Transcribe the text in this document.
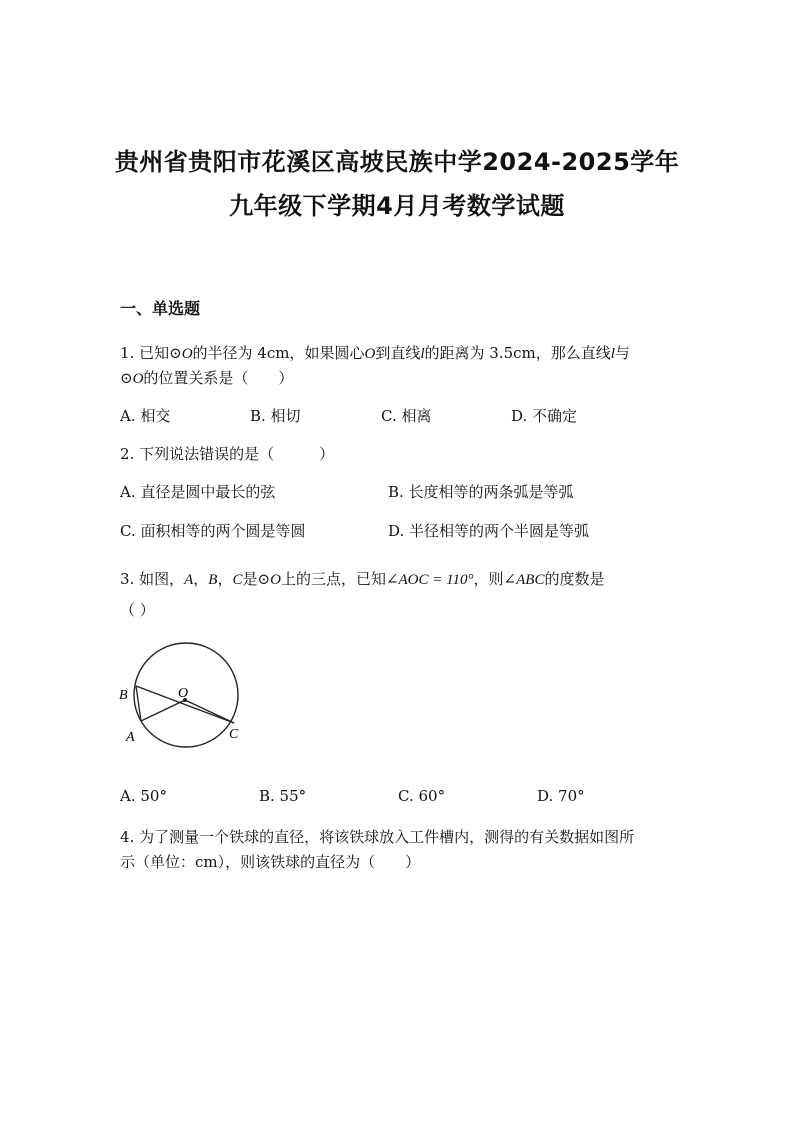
贵州省贵阳市花溪区高坡民族中学2024-2025学年
九年级下学期4月月考数学试题
一、单选题
1. 已知⊙O的半径为 4cm，如果圆心O到直线l的距离为 3.5cm，那么直线l与
⊙O的位置关系是（　　）
A. 相交	B. 相切	C. 相离	D. 不确定
2. 下列说法错误的是（　　　）
A. 直径是圆中最长的弦	B. 长度相等的两条弧是等弧
C. 面积相等的两个圆是等圆	D. 半径相等的两个半圆是等弧
3. 如图，A，B，C是⊙O上的三点，已知∠AOC = 110°，则∠ABC的度数是
（ ）
B	O
A	C
A. 50°	B. 55°	C. 60°	D. 70°
4. 为了测量一个铁球的直径，将该铁球放入工件槽内，测得的有关数据如图所
示（单位：cm），则该铁球的直径为（　　）
